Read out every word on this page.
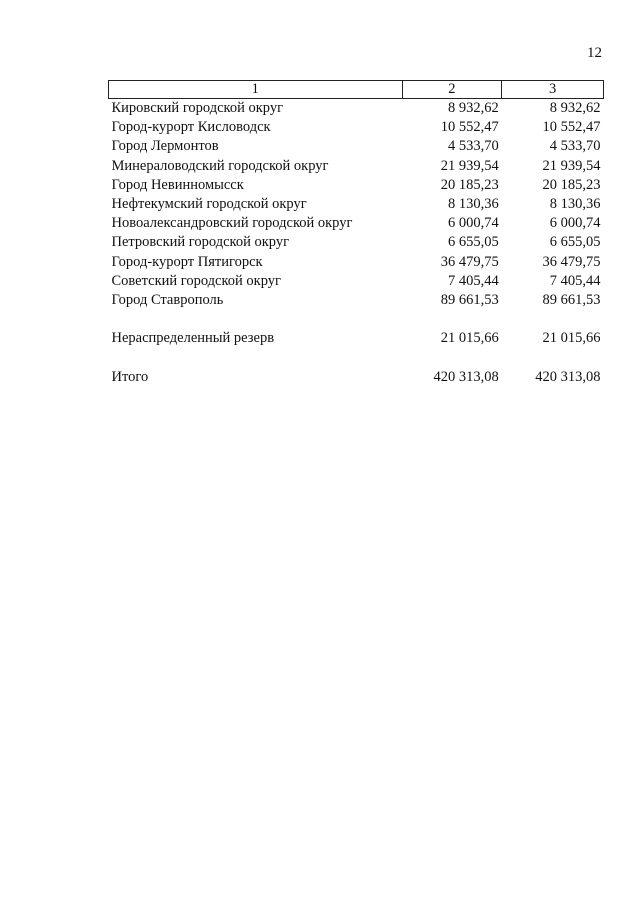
12
1	2	3
Кировский городской округ	8 932,62	8 932,62
Город-курорт Кисловодск	10 552,47	10 552,47
Город Лермонтов	4 533,70	4 533,70
Минераловодский городской округ	21 939,54	21 939,54
Город Невинномысск	20 185,23	20 185,23
Нефтекумский городской округ	8 130,36	8 130,36
Новоалександровский городской округ	6 000,74	6 000,74
Петровский городской округ	6 655,05	6 655,05
Город-курорт Пятигорск	36 479,75	36 479,75
Советский городской округ	7 405,44	7 405,44
Город Ставрополь	89 661,53	89 661,53

Нераспределенный резерв	21 015,66	21 015,66

Итого	420 313,08	420 313,08
